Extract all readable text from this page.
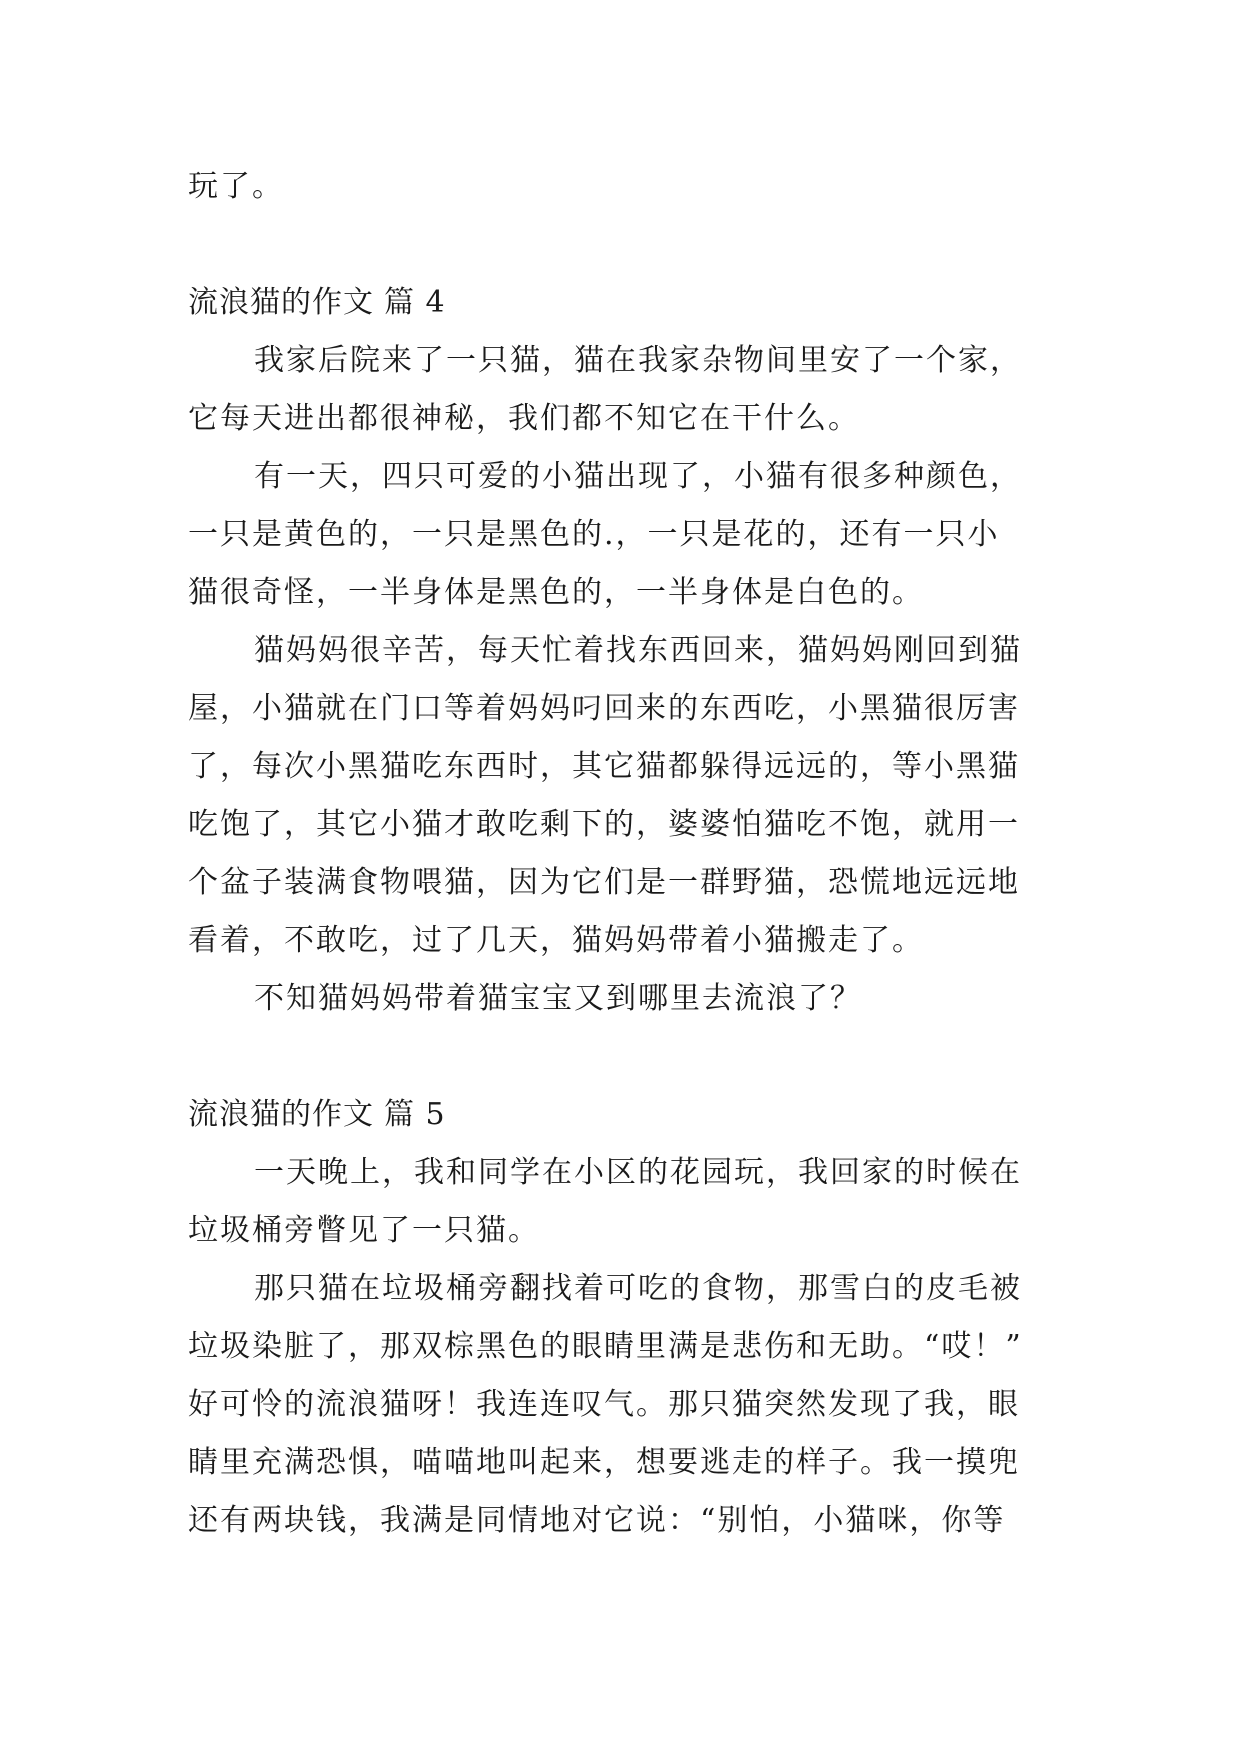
玩了。
流浪猫的作文 篇 4
我家后院来了一只猫，猫在我家杂物间里安了一个家，
它每天进出都很神秘，我们都不知它在干什么。
有一天，四只可爱的小猫出现了，小猫有很多种颜色，
一只是黄色的，一只是黑色的.，一只是花的，还有一只小
猫很奇怪，一半身体是黑色的，一半身体是白色的。
猫妈妈很辛苦，每天忙着找东西回来，猫妈妈刚回到猫
屋，小猫就在门口等着妈妈叼回来的东西吃，小黑猫很厉害
了，每次小黑猫吃东西时，其它猫都躲得远远的，等小黑猫
吃饱了，其它小猫才敢吃剩下的，婆婆怕猫吃不饱，就用一
个盆子装满食物喂猫，因为它们是一群野猫，恐慌地远远地
看着，不敢吃，过了几天，猫妈妈带着小猫搬走了。
不知猫妈妈带着猫宝宝又到哪里去流浪了？
流浪猫的作文 篇 5
一天晚上，我和同学在小区的花园玩，我回家的时候在
垃圾桶旁瞥见了一只猫。
那只猫在垃圾桶旁翻找着可吃的食物，那雪白的皮毛被
垃圾染脏了，那双棕黑色的眼睛里满是悲伤和无助。“哎！”
好可怜的流浪猫呀！我连连叹气。那只猫突然发现了我，眼
睛里充满恐惧，喵喵地叫起来，想要逃走的样子。我一摸兜
还有两块钱，我满是同情地对它说：“别怕，小猫咪，你等
